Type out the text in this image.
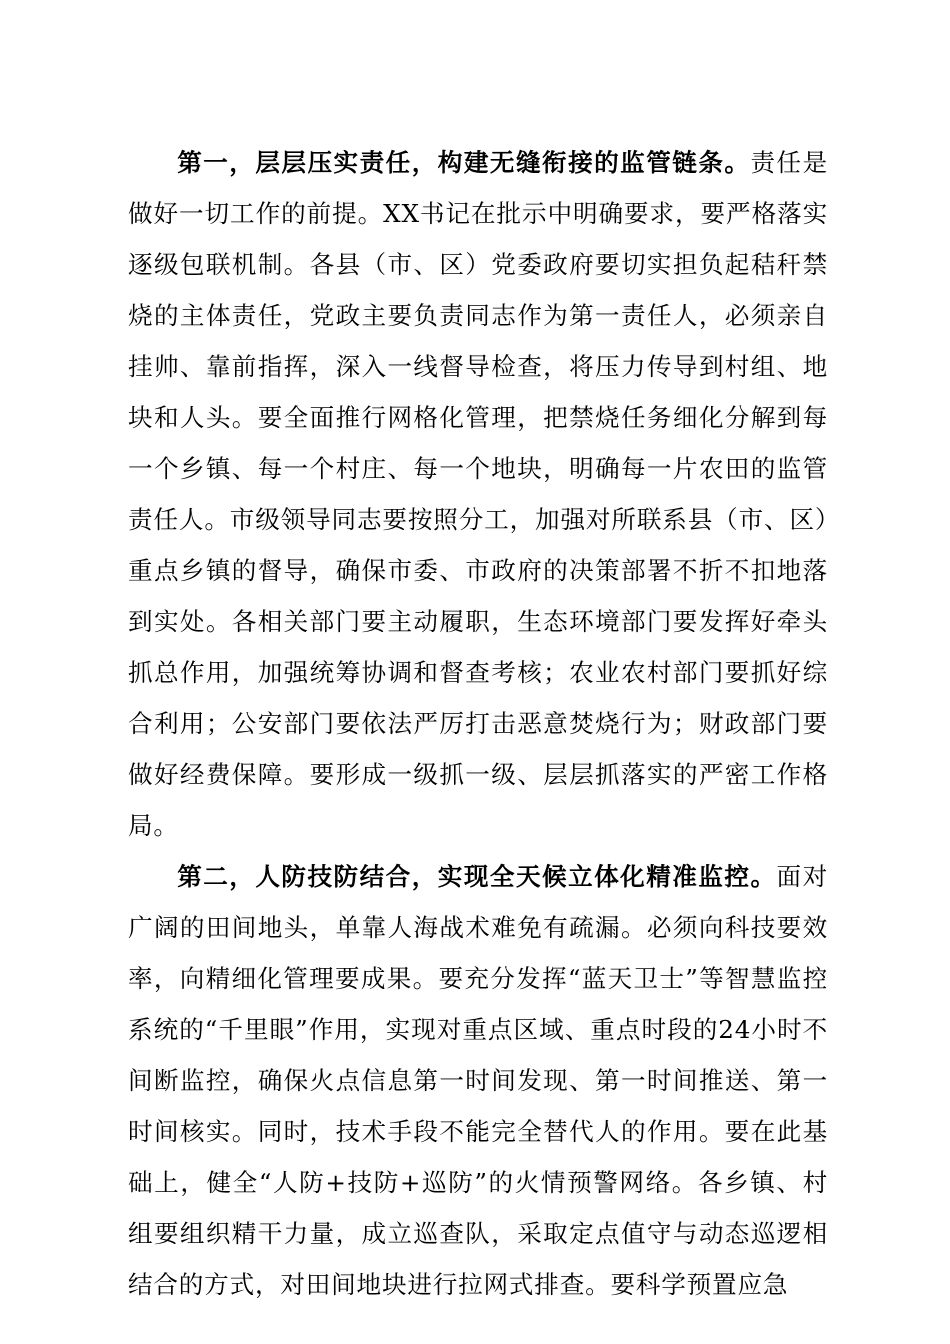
第一，层层压实责任，构建无缝衔接的监管链条。责任是做好一切工作的前提。XX书记在批示中明确要求，要严格落实逐级包联机制。各县（市、区）党委政府要切实担负起秸秆禁烧的主体责任，党政主要负责同志作为第一责任人，必须亲自挂帅、靠前指挥，深入一线督导检查，将压力传导到村组、地块和人头。要全面推行网格化管理，把禁烧任务细化分解到每一个乡镇、每一个村庄、每一个地块，明确每一片农田的监管责任人。市级领导同志要按照分工，加强对所联系县（市、区）重点乡镇的督导，确保市委、市政府的决策部署不折不扣地落到实处。各相关部门要主动履职，生态环境部门要发挥好牵头抓总作用，加强统筹协调和督查考核；农业农村部门要抓好综合利用；公安部门要依法严厉打击恶意焚烧行为；财政部门要做好经费保障。要形成一级抓一级、层层抓落实的严密工作格局。

第二，人防技防结合，实现全天候立体化精准监控。面对广阔的田间地头，单靠人海战术难免有疏漏。必须向科技要效率，向精细化管理要成果。要充分发挥“蓝天卫士”等智慧监控系统的“千里眼”作用，实现对重点区域、重点时段的24小时不间断监控，确保火点信息第一时间发现、第一时间推送、第一时间核实。同时，技术手段不能完全替代人的作用。要在此基础上，健全“人防+技防+巡防”的火情预警网络。各乡镇、村组要组织精干力量，成立巡查队，采取定点值守与动态巡逻相结合的方式，对田间地块进行拉网式排查。要科学预置应急
